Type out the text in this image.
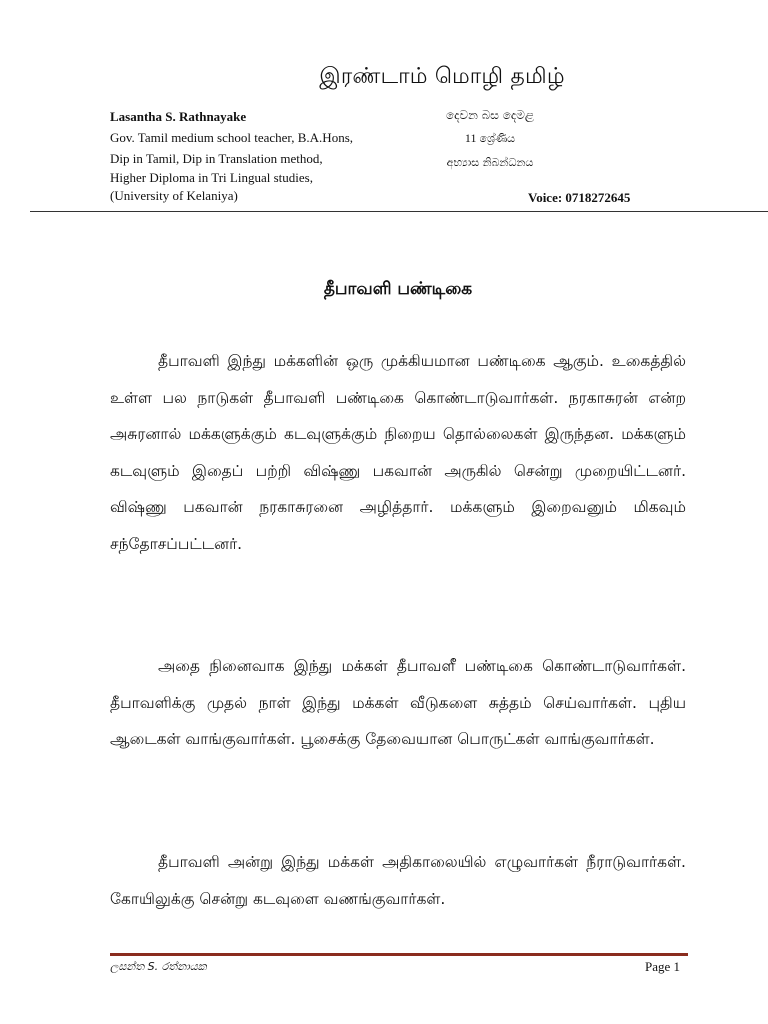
இரண்டாம் மொழி தமிழ்
Lasantha S. Rathnayake
Gov. Tamil medium school teacher, B.A.Hons,
Dip in Tamil, Dip in Translation method,
Higher Diploma in Tri Lingual studies,
(University of Kelaniya)
දෙවන බස දෙමළ
11 ශ්‍රේණිය
අභ්‍යාස නිබන්ධනය
Voice: 0718272645
தீபாவளி பண்டிகை

தீபாவளி இந்து மக்களின் ஒரு முக்கியமான பண்டிகை ஆகும். உகைத்தில் உள்ள பல நாடுகள் தீபாவளி பண்டிகை கொண்டாடுவார்கள். நரகாசுரன் என்ற அசுரனால் மக்களுக்கும் கடவுளுக்கும் நிறைய தொல்லைகள் இருந்தன. மக்களும் கடவுளும் இதைப் பற்றி விஷ்ணு பகவான் அருகில் சென்று முறையிட்டனர். விஷ்ணு பகவான் நரகாசுரனை அழித்தார். மக்களும் இறைவனும் மிகவும் சந்தோசப்பட்டனர்.

அதை நினைவாக இந்து மக்கள் தீபாவளீ பண்டிகை கொண்டாடுவார்கள். தீபாவளிக்கு முதல் நாள் இந்து மக்கள் வீடுகளை சுத்தம் செய்வார்கள். புதிய ஆடைகள் வாங்குவார்கள். பூசைக்கு தேவையான பொருட்கள் வாங்குவார்கள்.

தீபாவளி அன்று இந்து மக்கள் அதிகாலையில் எழுவார்கள் நீராடுவார்கள். கோயிலுக்கு சென்று கடவுளை வணங்குவார்கள்.

ලසන්ත S. රත්නායක	Page 1
